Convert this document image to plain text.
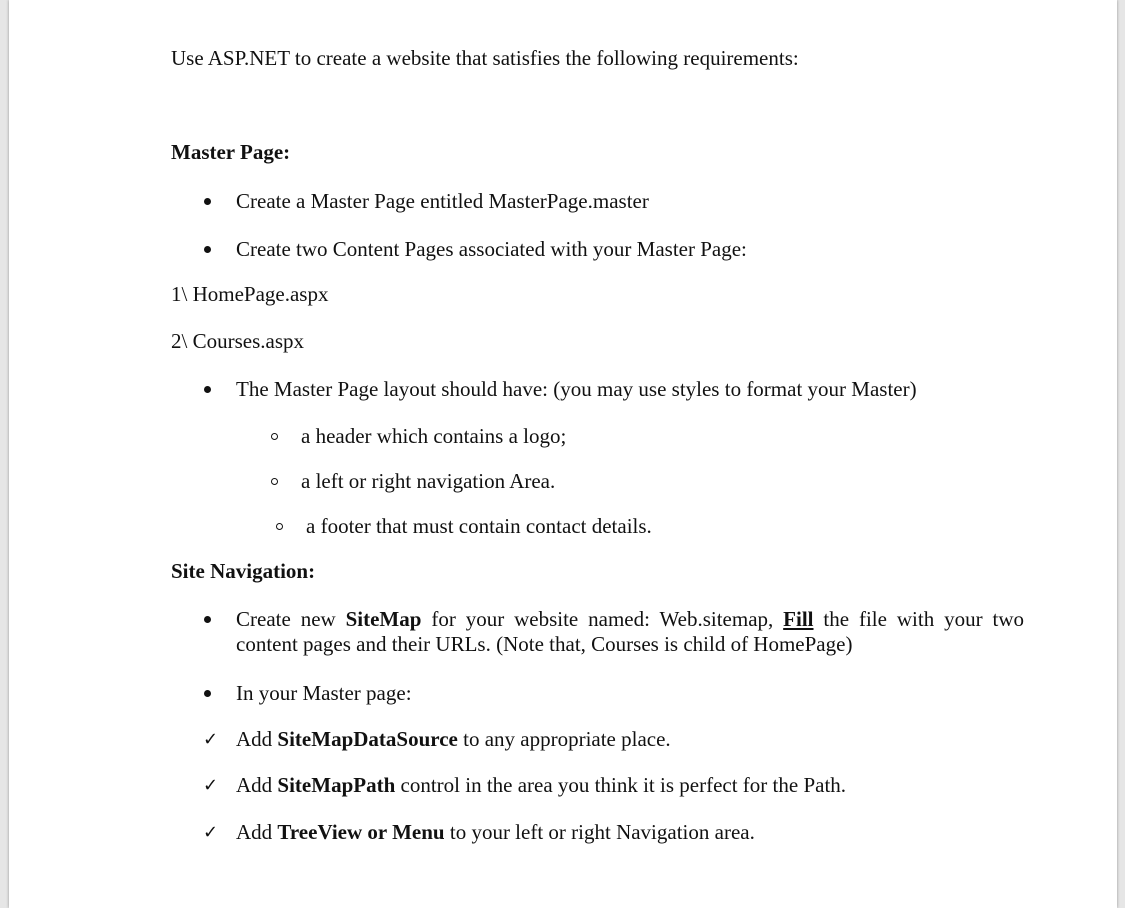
Use ASP.NET to create a website that satisfies the following requirements:
Master Page:
Create a Master Page entitled MasterPage.master
Create two Content Pages associated with your Master Page:
1\ HomePage.aspx
2\ Courses.aspx
The Master Page layout should have: (you may use styles to format your Master)
a header which contains a logo;
a left or right navigation Area.
a footer that must contain contact details.
Site Navigation:
Create new SiteMap for your website named: Web.sitemap, Fill the file with your two
content pages and their URLs. (Note that, Courses is child of HomePage)
In your Master page:
✓ Add SiteMapDataSource to any appropriate place.
✓ Add SiteMapPath control in the area you think it is perfect for the Path.
✓ Add TreeView or Menu to your left or right Navigation area.
